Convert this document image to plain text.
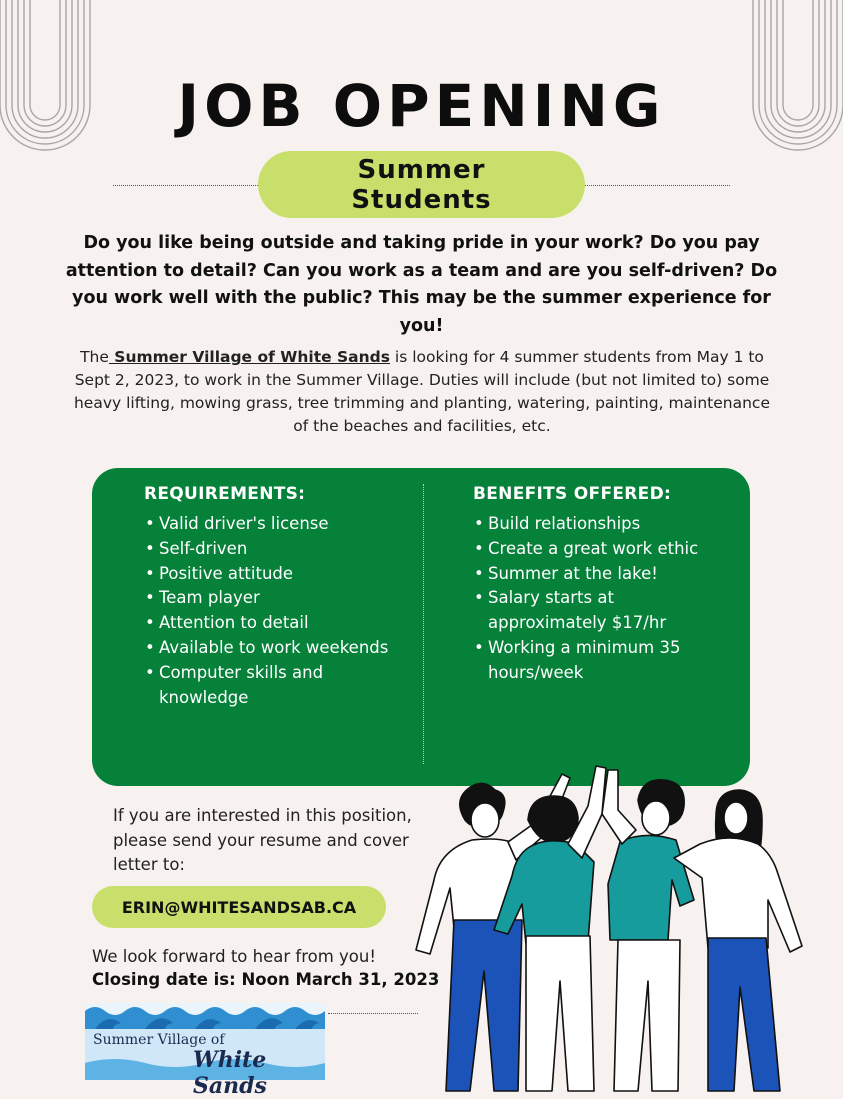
JOB OPENING
Summer
Students
Do you like being outside and taking pride in your work? Do you pay attention to detail? Can you work as a team and are you self-driven? Do you work well with the public? This may be the summer experience for you!
The Summer Village of White Sands is looking for 4 summer students from May 1 to Sept 2, 2023, to work in the Summer Village. Duties will include (but not limited to) some heavy lifting, mowing grass, tree trimming and planting, watering, painting, maintenance of the beaches and facilities, etc.
REQUIREMENTS:
• Valid driver's license
• Self-driven
• Positive attitude
• Team player
• Attention to detail
• Available to work weekends
• Computer skills and knowledge
BENEFITS OFFERED:
• Build relationships
• Create a great work ethic
• Summer at the lake!
• Salary starts at approximately $17/hr
• Working a minimum 35 hours/week
If you are interested in this position, please send your resume and cover letter to:
ERIN@WHITESANDSAB.CA
We look forward to hear from you!
Closing date is: Noon March 31, 2023
Summer Village of
White Sands
